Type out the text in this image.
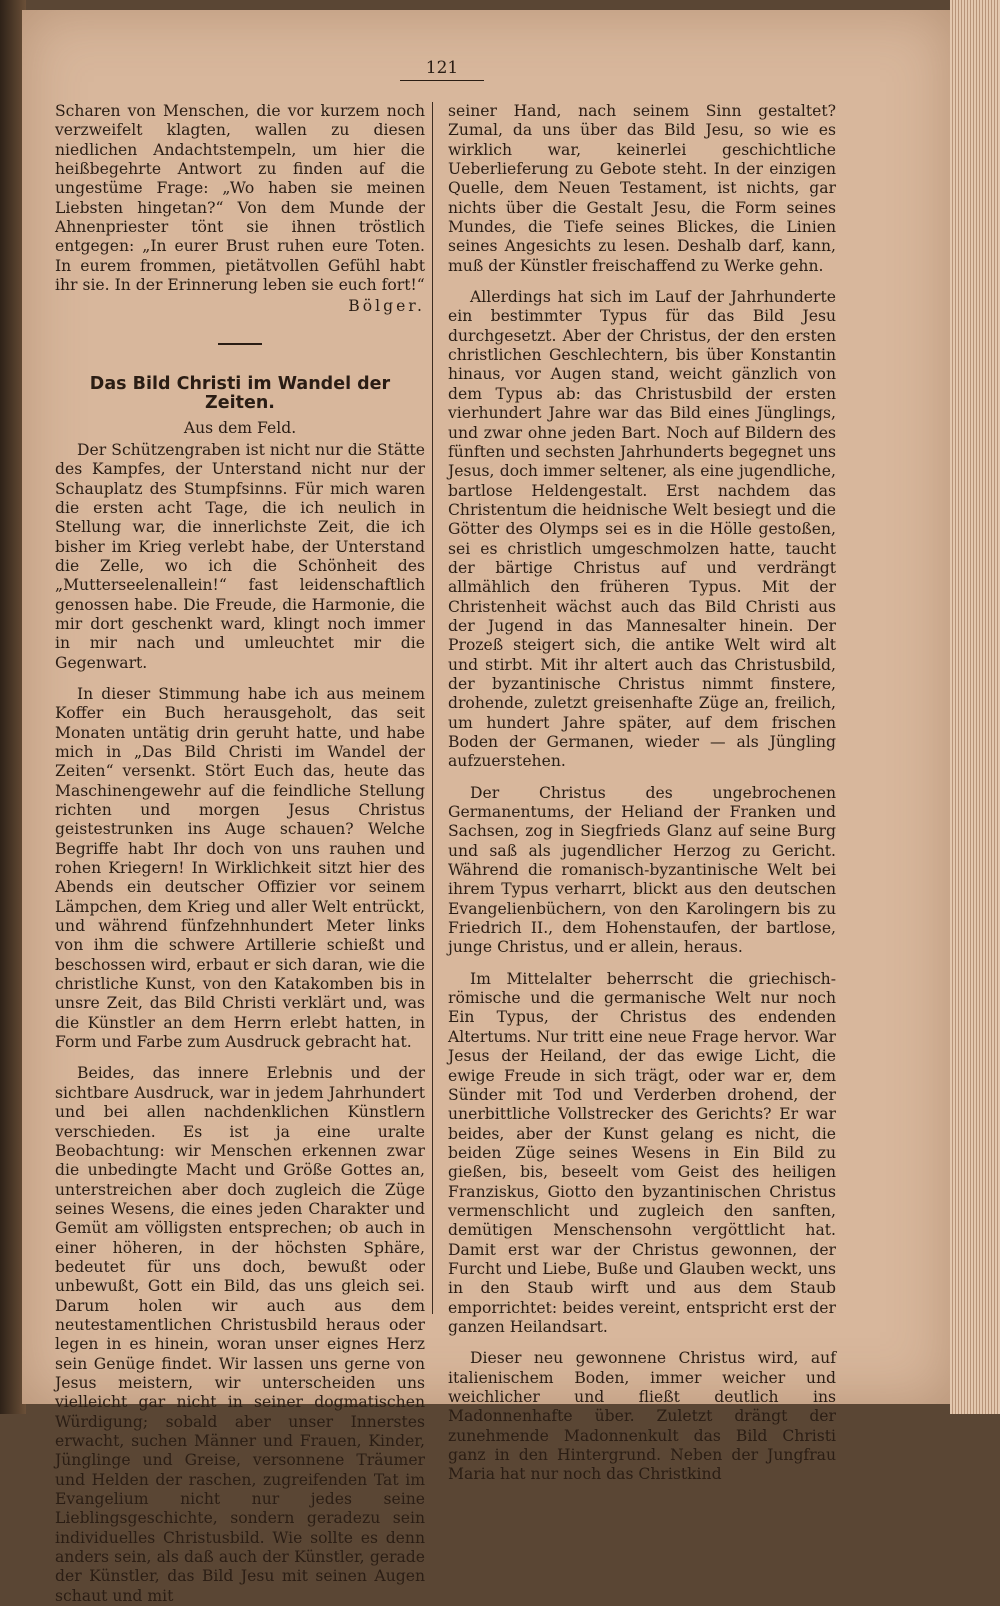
121

Scharen von Menschen, die vor kurzem noch verzweifelt klagten, wallen zu diesen niedlichen Andachtstempeln, um hier die heißbegehrte Antwort zu finden auf die ungestüme Frage: „Wo haben sie meinen Liebsten hingetan?“ Von dem Munde der Ahnenpriester tönt sie ihnen tröstlich entgegen: „In eurer Brust ruhen eure Toten. In eurem frommen, pietätvollen Gefühl habt ihr sie. In der Erinnerung leben sie euch fort!“

Bölger.
Das Bild Christi im Wandel der Zeiten.
Aus dem Feld.

Der Schützengraben ist nicht nur die Stätte des Kampfes, der Unterstand nicht nur der Schauplatz des Stumpfsinns. Für mich waren die ersten acht Tage, die ich neulich in Stellung war, die innerlichste Zeit, die ich bisher im Krieg verlebt habe, der Unterstand die Zelle, wo ich die Schönheit des „Mutterseelenallein!“ fast leidenschaftlich genossen habe. Die Freude, die Harmonie, die mir dort geschenkt ward, klingt noch immer in mir nach und umleuchtet mir die Gegenwart.

In dieser Stimmung habe ich aus meinem Koffer ein Buch herausgeholt, das seit Monaten untätig drin geruht hatte, und habe mich in „Das Bild Christi im Wandel der Zeiten“ versenkt. Stört Euch das, heute das Maschinengewehr auf die feindliche Stellung richten und morgen Jesus Christus geistestrunken ins Auge schauen? Welche Begriffe habt Ihr doch von uns rauhen und rohen Kriegern! In Wirklichkeit sitzt hier des Abends ein deutscher Offizier vor seinem Lämpchen, dem Krieg und aller Welt entrückt, und während fünfzehnhundert Meter links von ihm die schwere Artillerie schießt und beschossen wird, erbaut er sich daran, wie die christliche Kunst, von den Katakomben bis in unsre Zeit, das Bild Christi verklärt und, was die Künstler an dem Herrn erlebt hatten, in Form und Farbe zum Ausdruck gebracht hat.

Beides, das innere Erlebnis und der sichtbare Ausdruck, war in jedem Jahrhundert und bei allen nachdenklichen Künstlern verschieden. Es ist ja eine uralte Beobachtung: wir Menschen erkennen zwar die unbedingte Macht und Größe Gottes an, unterstreichen aber doch zugleich die Züge seines Wesens, die eines jeden Charakter und Gemüt am völligsten entsprechen; ob auch in einer höheren, in der höchsten Sphäre, bedeutet für uns doch, bewußt oder unbewußt, Gott ein Bild, das uns gleich sei. Darum holen wir auch aus dem neutestamentlichen Christusbild heraus oder legen in es hinein, woran unser eignes Herz sein Genüge findet. Wir lassen uns gerne von Jesus meistern, wir unterscheiden uns vielleicht gar nicht in seiner dogmatischen Würdigung; sobald aber unser Innerstes erwacht, suchen Männer und Frauen, Kinder, Jünglinge und Greise, versonnene Träumer und Helden der raschen, zugreifenden Tat im Evangelium nicht nur jedes seine Lieblingsgeschichte, sondern geradezu sein individuelles Christusbild. Wie sollte es denn anders sein, als daß auch der Künstler, gerade der Künstler, das Bild Jesu mit seinen Augen schaut und mit

seiner Hand, nach seinem Sinn gestaltet? Zumal, da uns über das Bild Jesu, so wie es wirklich war, keinerlei geschichtliche Ueberlieferung zu Gebote steht. In der einzigen Quelle, dem Neuen Testament, ist nichts, gar nichts über die Gestalt Jesu, die Form seines Mundes, die Tiefe seines Blickes, die Linien seines Angesichts zu lesen. Deshalb darf, kann, muß der Künstler freischaffend zu Werke gehn.

Allerdings hat sich im Lauf der Jahrhunderte ein bestimmter Typus für das Bild Jesu durchgesetzt. Aber der Christus, der den ersten christlichen Geschlechtern, bis über Konstantin hinaus, vor Augen stand, weicht gänzlich von dem Typus ab: das Christusbild der ersten vierhundert Jahre war das Bild eines Jünglings, und zwar ohne jeden Bart. Noch auf Bildern des fünften und sechsten Jahrhunderts begegnet uns Jesus, doch immer seltener, als eine jugendliche, bartlose Heldengestalt. Erst nachdem das Christentum die heidnische Welt besiegt und die Götter des Olymps sei es in die Hölle gestoßen, sei es christlich umgeschmolzen hatte, taucht der bärtige Christus auf und verdrängt allmählich den früheren Typus. Mit der Christenheit wächst auch das Bild Christi aus der Jugend in das Mannesalter hinein. Der Prozeß steigert sich, die antike Welt wird alt und stirbt. Mit ihr altert auch das Christusbild, der byzantinische Christus nimmt finstere, drohende, zuletzt greisenhafte Züge an, freilich, um hundert Jahre später, auf dem frischen Boden der Germanen, wieder — als Jüngling aufzuerstehen.

Der Christus des ungebrochenen Germanentums, der Heliand der Franken und Sachsen, zog in Siegfrieds Glanz auf seine Burg und saß als jugendlicher Herzog zu Gericht. Während die romanisch-byzantinische Welt bei ihrem Typus verharrt, blickt aus den deutschen Evangelienbüchern, von den Karolingern bis zu Friedrich II., dem Hohenstaufen, der bartlose, junge Christus, und er allein, heraus.

Im Mittelalter beherrscht die griechisch-römische und die germanische Welt nur noch Ein Typus, der Christus des endenden Altertums. Nur tritt eine neue Frage hervor. War Jesus der Heiland, der das ewige Licht, die ewige Freude in sich trägt, oder war er, dem Sünder mit Tod und Verderben drohend, der unerbittliche Vollstrecker des Gerichts? Er war beides, aber der Kunst gelang es nicht, die beiden Züge seines Wesens in Ein Bild zu gießen, bis, beseelt vom Geist des heiligen Franziskus, Giotto den byzantinischen Christus vermenschlicht und zugleich den sanften, demütigen Menschensohn vergöttlicht hat. Damit erst war der Christus gewonnen, der Furcht und Liebe, Buße und Glauben weckt, uns in den Staub wirft und aus dem Staub emporrichtet: beides vereint, entspricht erst der ganzen Heilandsart.

Dieser neu gewonnene Christus wird, auf italienischem Boden, immer weicher und weichlicher und fließt deutlich ins Madonnenhafte über. Zuletzt drängt der zunehmende Madonnenkult das Bild Christi ganz in den Hintergrund. Neben der Jungfrau Maria hat nur noch das Christkind
